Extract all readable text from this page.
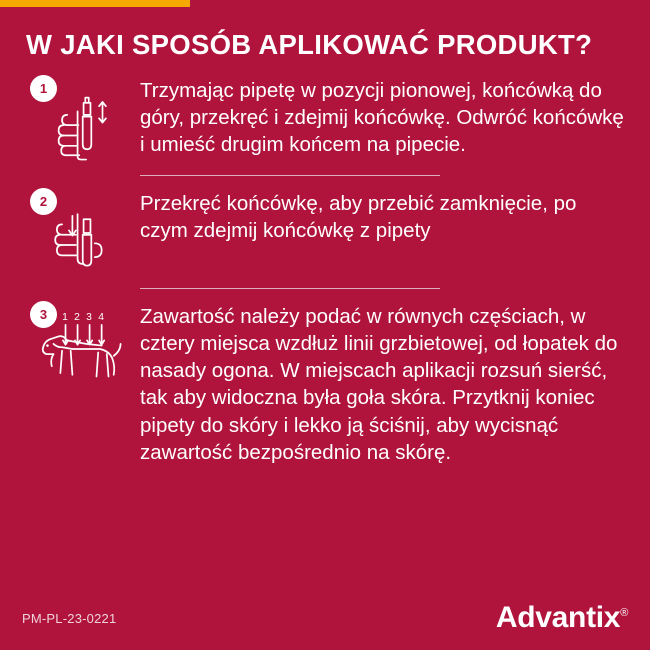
W JAKI SPOSÓB APLIKOWAĆ PRODUKT?
1	Trzymając pipetę w pozycji pionowej, końcówką do góry, przekręć i zdejmij końcówkę. Odwróć końcówkę i umieść drugim końcem na pipecie.
2	Przekręć końcówkę, aby przebić zamknięcie, po czym zdejmij końcówkę z pipety
3	1 2 3 4 Zawartość należy podać w równych częściach, w cztery miejsca wzdłuż linii grzbietowej, od łopatek do nasady ogona. W miejscach aplikacji rozsuń sierść, tak aby widoczna była goła skóra. Przytknij koniec pipety do skóry i lekko ją ściśnij, aby wycisnąć zawartość bezpośrednio na skórę.
PM-PL-23-0221	Advantix®
